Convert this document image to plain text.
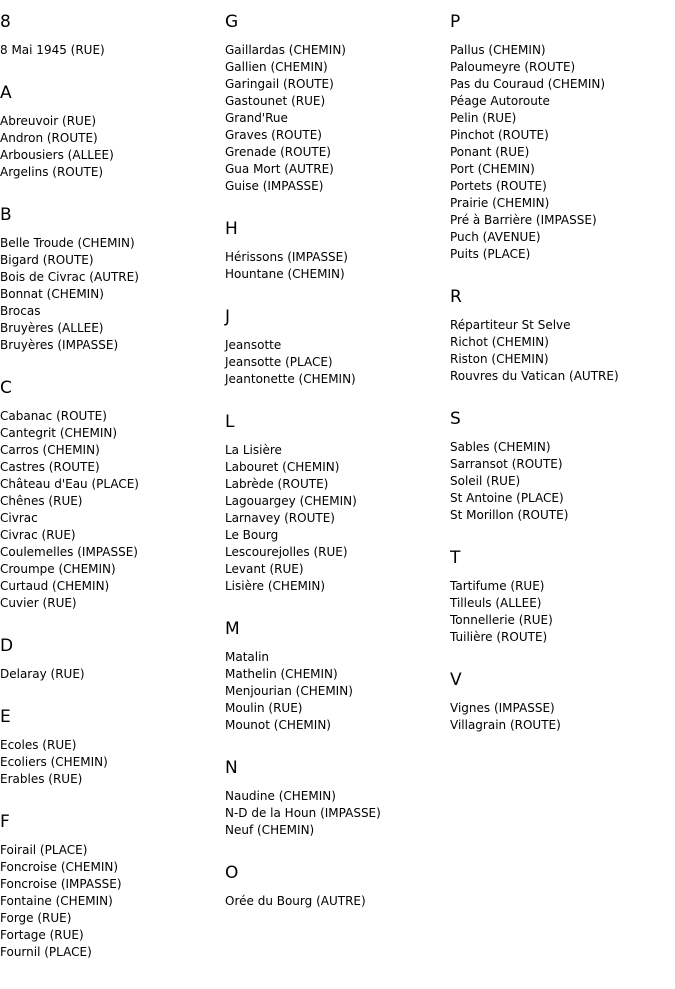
8
8 Mai 1945 (RUE)
A
Abreuvoir (RUE)
Andron (ROUTE)
Arbousiers (ALLEE)
Argelins (ROUTE)
B
Belle Troude (CHEMIN)
Bigard (ROUTE)
Bois de Civrac (AUTRE)
Bonnat (CHEMIN)
Brocas
Bruyères (ALLEE)
Bruyères (IMPASSE)
C
Cabanac (ROUTE)
Cantegrit (CHEMIN)
Carros (CHEMIN)
Castres (ROUTE)
Château d'Eau (PLACE)
Chênes (RUE)
Civrac
Civrac (RUE)
Coulemelles (IMPASSE)
Croumpe (CHEMIN)
Curtaud (CHEMIN)
Cuvier (RUE)
D
Delaray (RUE)
E
Ecoles (RUE)
Ecoliers (CHEMIN)
Erables (RUE)
F
Foirail (PLACE)
Foncroise (CHEMIN)
Foncroise (IMPASSE)
Fontaine (CHEMIN)
Forge (RUE)
Fortage (RUE)
Fournil (PLACE)
G
Gaillardas (CHEMIN)
Gallien (CHEMIN)
Garingail (ROUTE)
Gastounet (RUE)
Grand'Rue
Graves (ROUTE)
Grenade (ROUTE)
Gua Mort (AUTRE)
Guise (IMPASSE)
H
Hérissons (IMPASSE)
Hountane (CHEMIN)
J
Jeansotte
Jeansotte (PLACE)
Jeantonette (CHEMIN)
L
La Lisière
Labouret (CHEMIN)
Labrède (ROUTE)
Lagouargey (CHEMIN)
Larnavey (ROUTE)
Le Bourg
Lescourejolles (RUE)
Levant (RUE)
Lisière (CHEMIN)
M
Matalin
Mathelin (CHEMIN)
Menjourian (CHEMIN)
Moulin (RUE)
Mounot (CHEMIN)
N
Naudine (CHEMIN)
N-D de la Houn (IMPASSE)
Neuf (CHEMIN)
O
Orée du Bourg (AUTRE)
P
Pallus (CHEMIN)
Paloumeyre (ROUTE)
Pas du Couraud (CHEMIN)
Péage Autoroute
Pelin (RUE)
Pinchot (ROUTE)
Ponant (RUE)
Port (CHEMIN)
Portets (ROUTE)
Prairie (CHEMIN)
Pré à Barrière (IMPASSE)
Puch (AVENUE)
Puits (PLACE)
R
Répartiteur St Selve
Richot (CHEMIN)
Riston (CHEMIN)
Rouvres du Vatican (AUTRE)
S
Sables (CHEMIN)
Sarransot (ROUTE)
Soleil (RUE)
St Antoine (PLACE)
St Morillon (ROUTE)
T
Tartifume (RUE)
Tilleuls (ALLEE)
Tonnellerie (RUE)
Tuilière (ROUTE)
V
Vignes (IMPASSE)
Villagrain (ROUTE)
